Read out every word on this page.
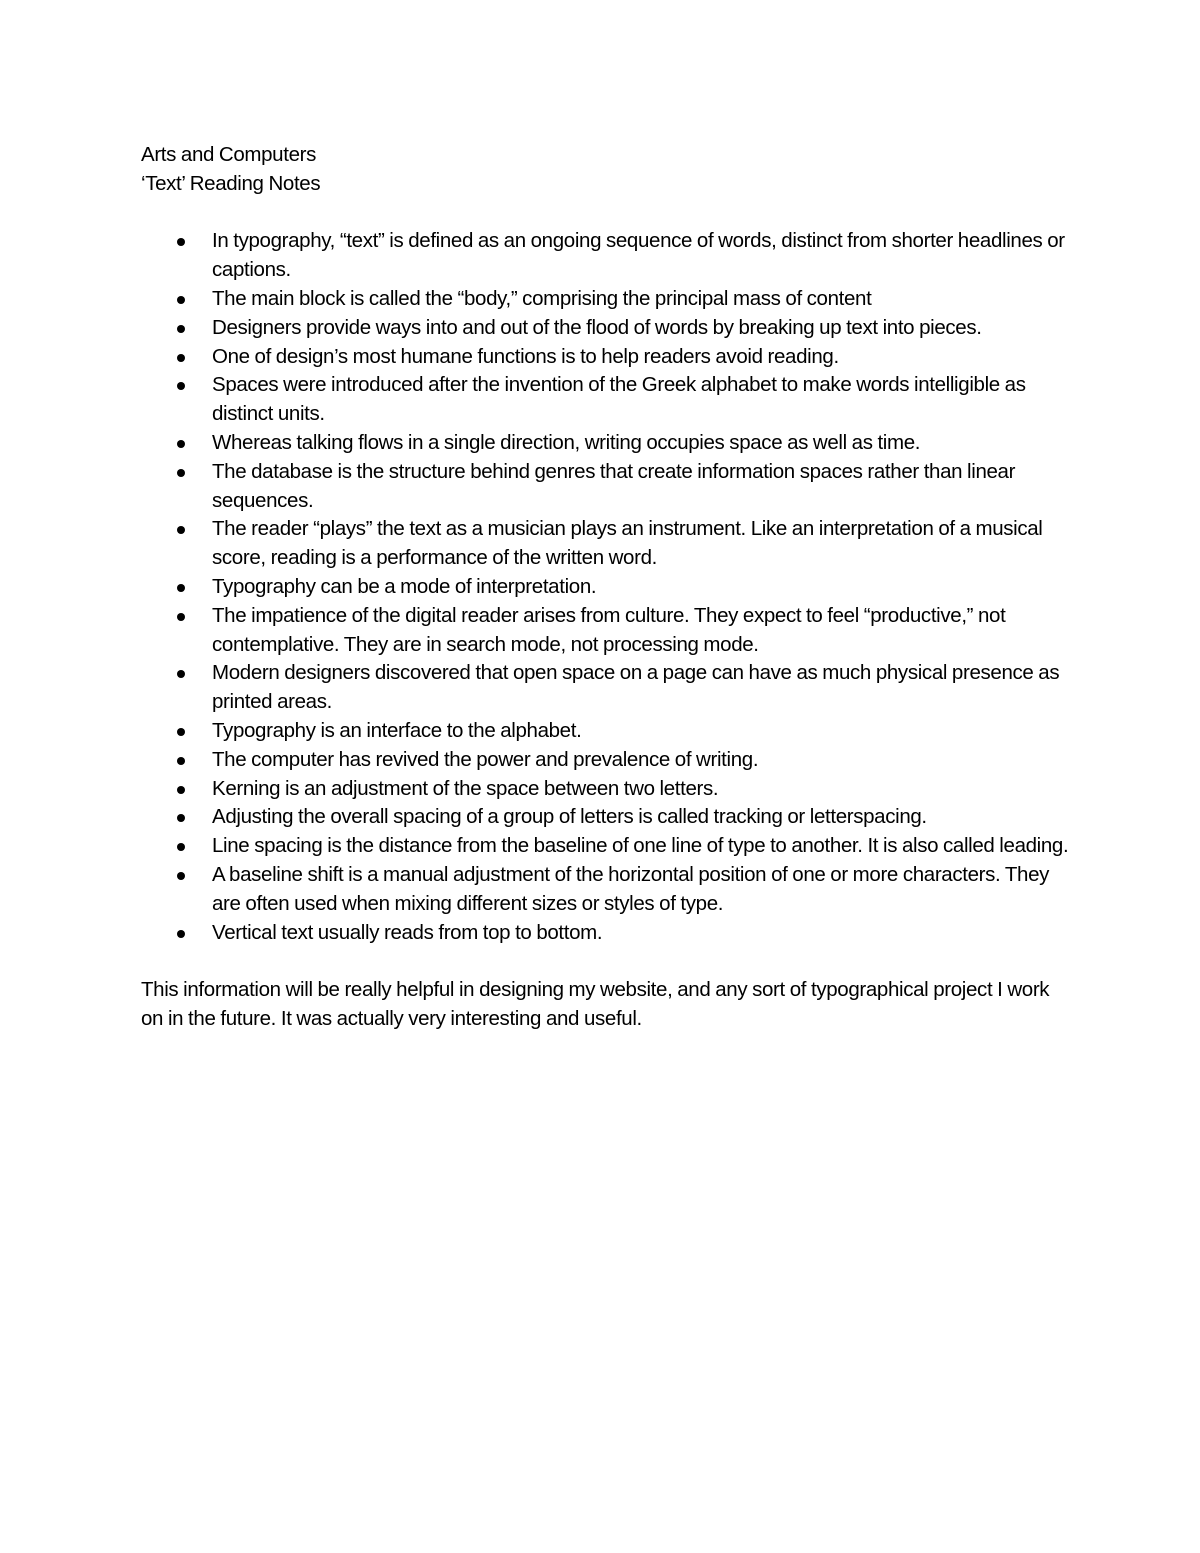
Arts and Computers

‘Text’ Reading Notes

In typography, “text” is defined as an ongoing sequence of words, distinct from shorter headlines or captions.
The main block is called the “body,” comprising the principal mass of content
Designers provide ways into and out of the flood of words by breaking up text into pieces.
One of design’s most humane functions is to help readers avoid reading.
Spaces were introduced after the invention of the Greek alphabet to make words intelligible as distinct units.
Whereas talking flows in a single direction, writing occupies space as well as time.
The database is the structure behind genres that create information spaces rather than linear sequences.
The reader “plays” the text as a musician plays an instrument. Like an interpretation of a musical score, reading is a performance of the written word.
Typography can be a mode of interpretation.
The impatience of the digital reader arises from culture. They expect to feel “productive,” not contemplative. They are in search mode, not processing mode.
Modern designers discovered that open space on a page can have as much physical presence as printed areas.
Typography is an interface to the alphabet.
The computer has revived the power and prevalence of writing.
Kerning is an adjustment of the space between two letters.
Adjusting the overall spacing of a group of letters is called tracking or letterspacing.
Line spacing is the distance from the baseline of one line of type to another. It is also called leading.
A baseline shift is a manual adjustment of the horizontal position of one or more characters. They are often used when mixing different sizes or styles of type.
Vertical text usually reads from top to bottom.

This information will be really helpful in designing my website, and any sort of typographical project I work on in the future. It was actually very interesting and useful.
